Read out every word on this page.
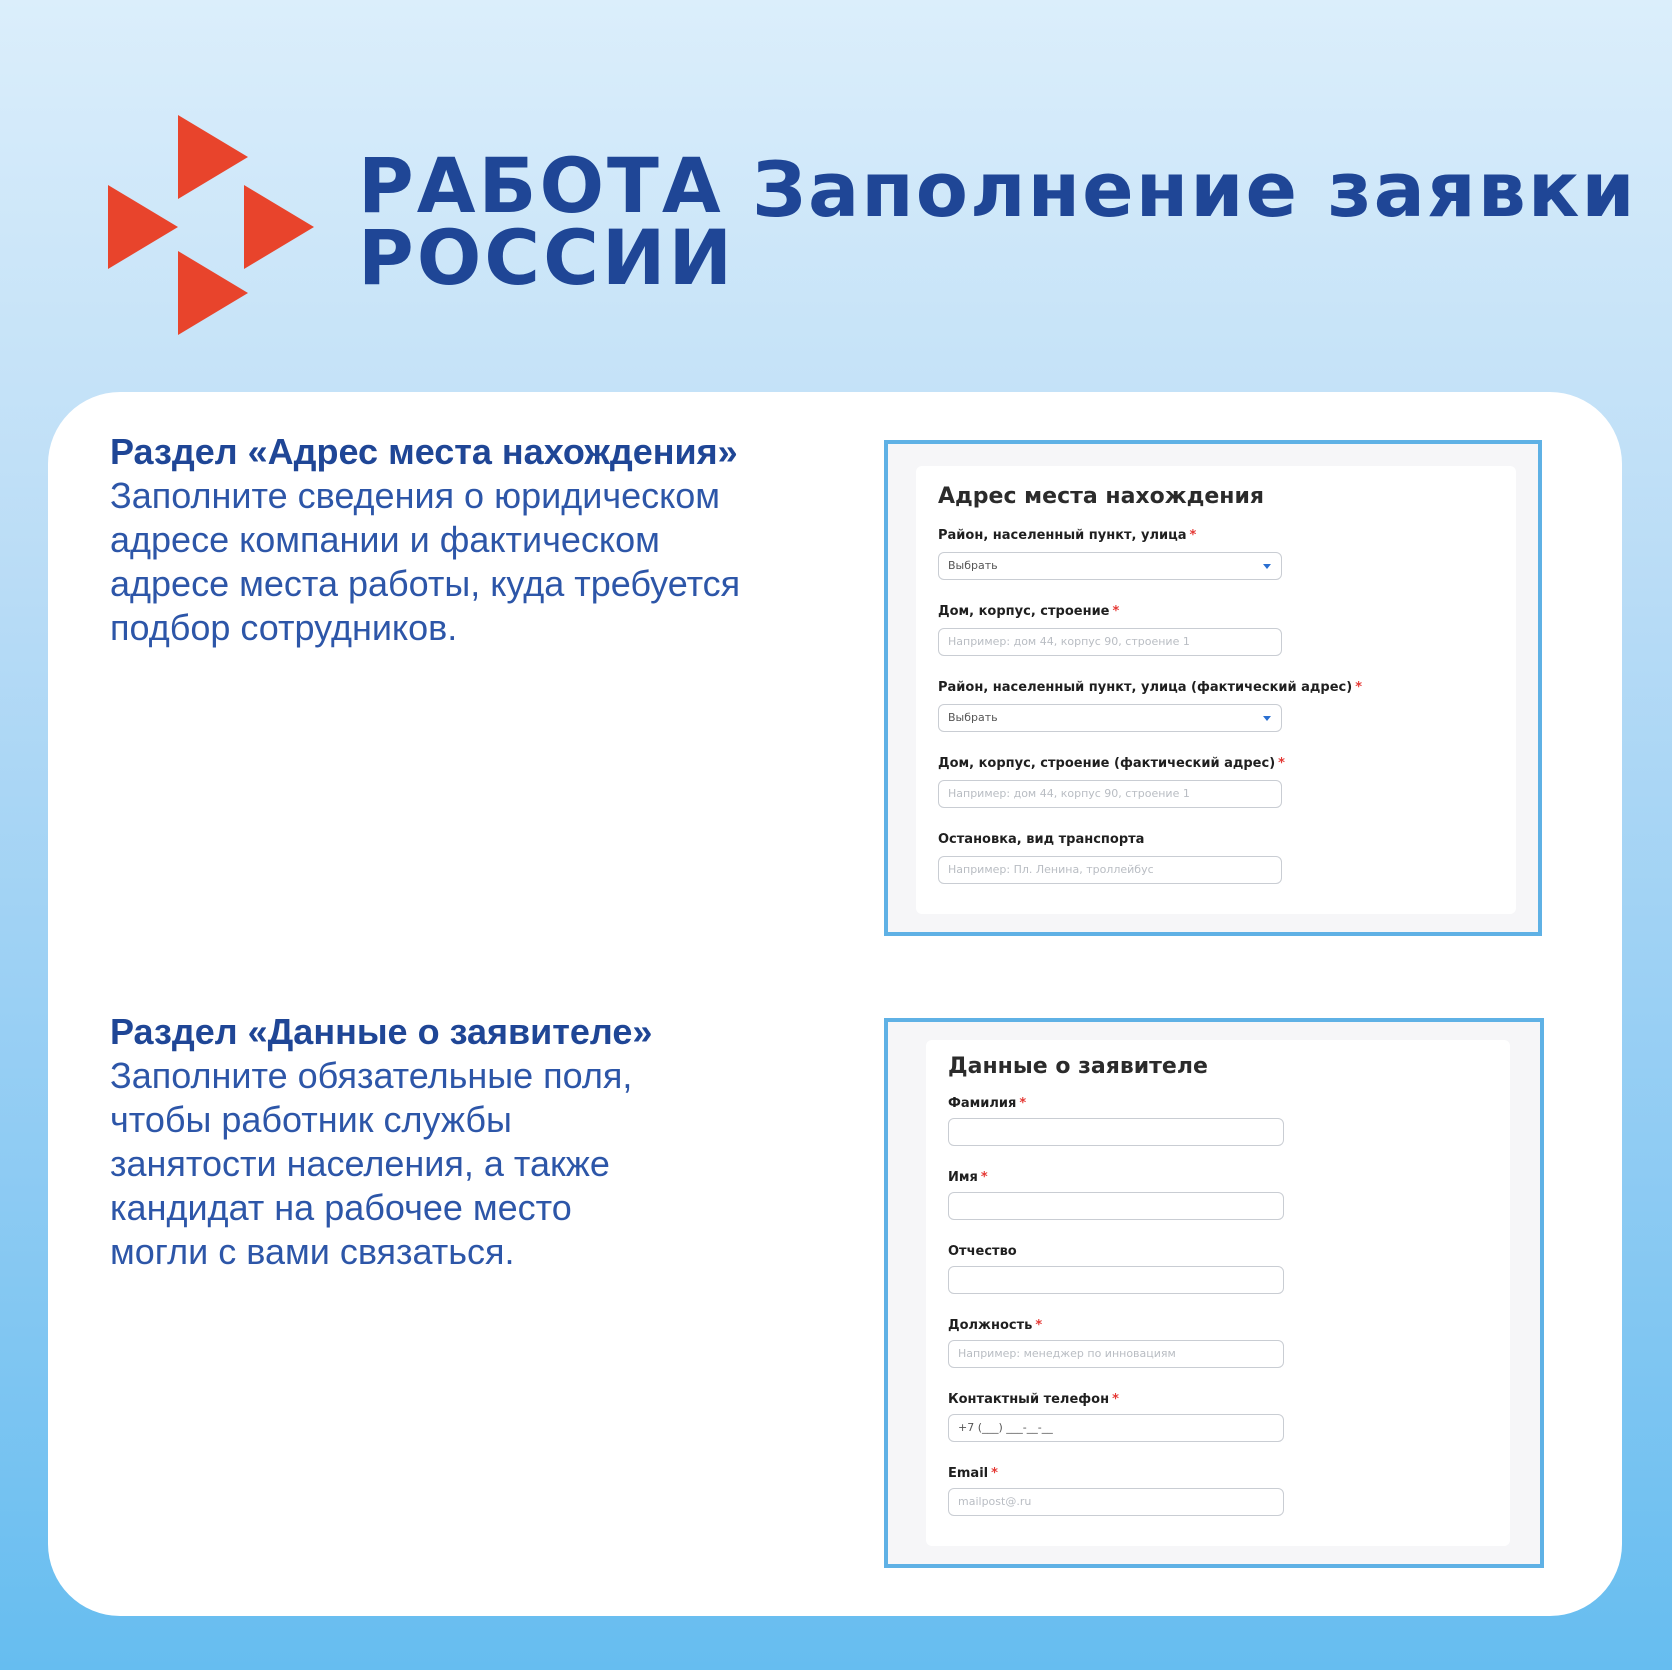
РАБОТА
РОССИИ
Заполнение заявки
Раздел «Адрес места нахождения»

Заполните сведения о юридическом

адресе компании и фактическом

адресе места работы, куда требуется

подбор сотрудников.

Адрес места нахождения
Район, населенный пункт, улица *
Выбрать
Дом, корпус, строение *
Например: дом 44, корпус 90, строение 1
Район, населенный пункт, улица (фактический адрес) *
Выбрать
Дом, корпус, строение (фактический адрес) *
Например: дом 44, корпус 90, строение 1
Остановка, вид транспорта
Например: Пл. Ленина, троллейбус
Раздел «Данные о заявителе»

Заполните обязательные поля,

чтобы работник службы

занятости населения, а также

кандидат на рабочее место

могли с вами связаться.

Данные о заявителе
Фамилия *
Имя *
Отчество
Должность *
Например: менеджер по инновациям
Контактный телефон *
+7 (___) ___-__-__
Email *
mailpost@.ru
